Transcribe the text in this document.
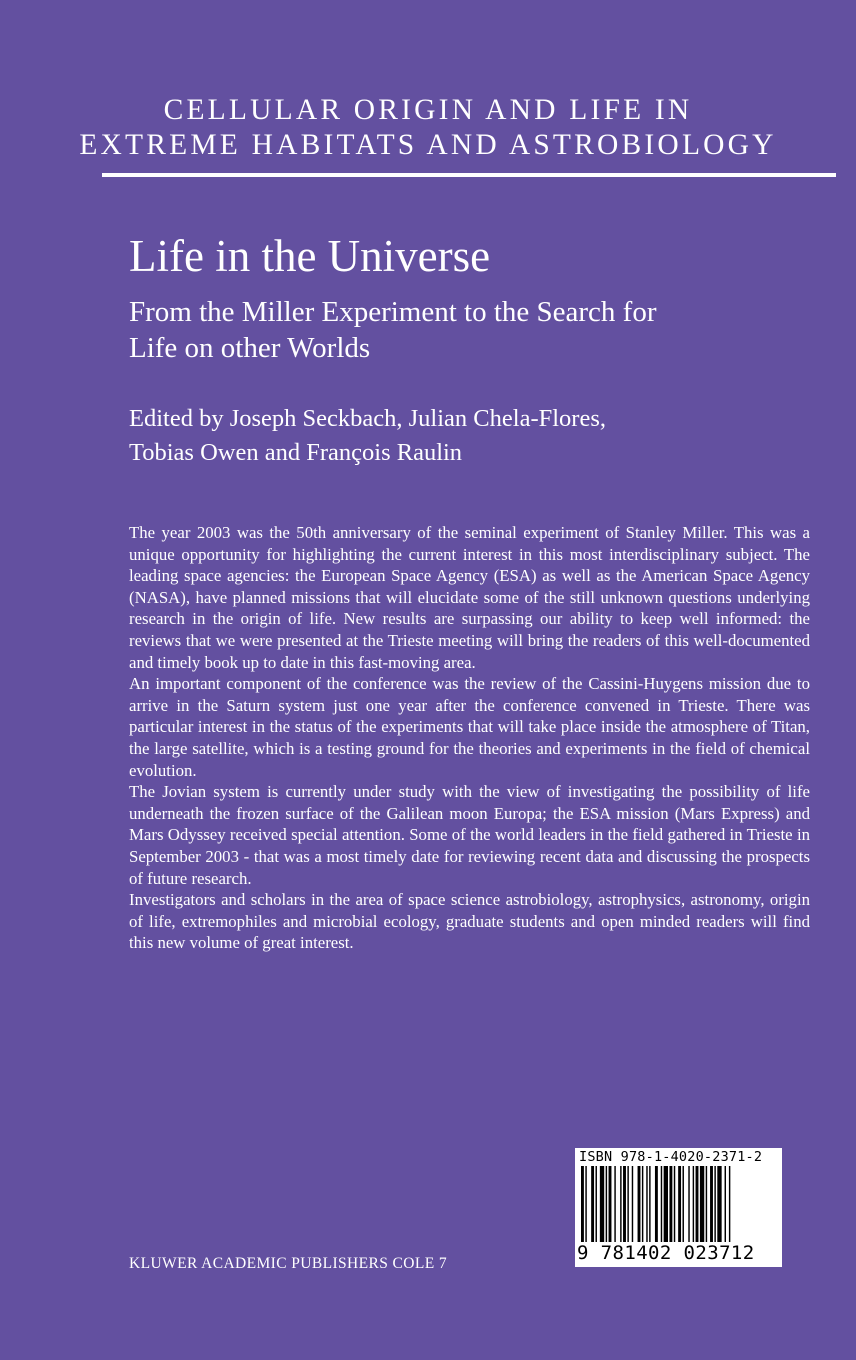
CELLULAR ORIGIN AND LIFE IN
EXTREME HABITATS AND ASTROBIOLOGY
Life in the Universe
From the Miller Experiment to the Search for
Life on other Worlds
Edited by Joseph Seckbach, Julian Chela-Flores,
Tobias Owen and François Raulin

The year 2003 was the 50th anniversary of the seminal experiment of Stanley Miller. This was a unique opportunity for highlighting the current interest in this most interdisciplinary subject. The leading space agencies: the European Space Agency (ESA) as well as the American Space Agency (NASA), have planned missions that will elucidate some of the still unknown questions underlying research in the origin of life. New results are surpassing our ability to keep well informed: the reviews that we were presented at the Trieste meeting will bring the readers of this well-documented and timely book up to date in this fast-moving area.

An important component of the conference was the review of the Cassini-Huygens mission due to arrive in the Saturn system just one year after the conference convened in Trieste. There was particular interest in the status of the experiments that will take place inside the atmosphere of Titan, the large satellite, which is a testing ground for the theories and experiments in the field of chemical evolution.

The Jovian system is currently under study with the view of investigating the possibility of life underneath the frozen surface of the Galilean moon Europa; the ESA mission (Mars Express) and Mars Odyssey received special attention. Some of the world leaders in the field gathered in Trieste in September 2003 - that was a most timely date for reviewing recent data and discussing the prospects of future research.

Investigators and scholars in the area of space science astrobiology, astrophysics, astronomy, origin of life, extremophiles and microbial ecology, graduate students and open minded readers will find this new volume of great interest.

ISBN 978-1-4020-2371-2
9 781402 023712
KLUWER ACADEMIC PUBLISHERS COLE 7
